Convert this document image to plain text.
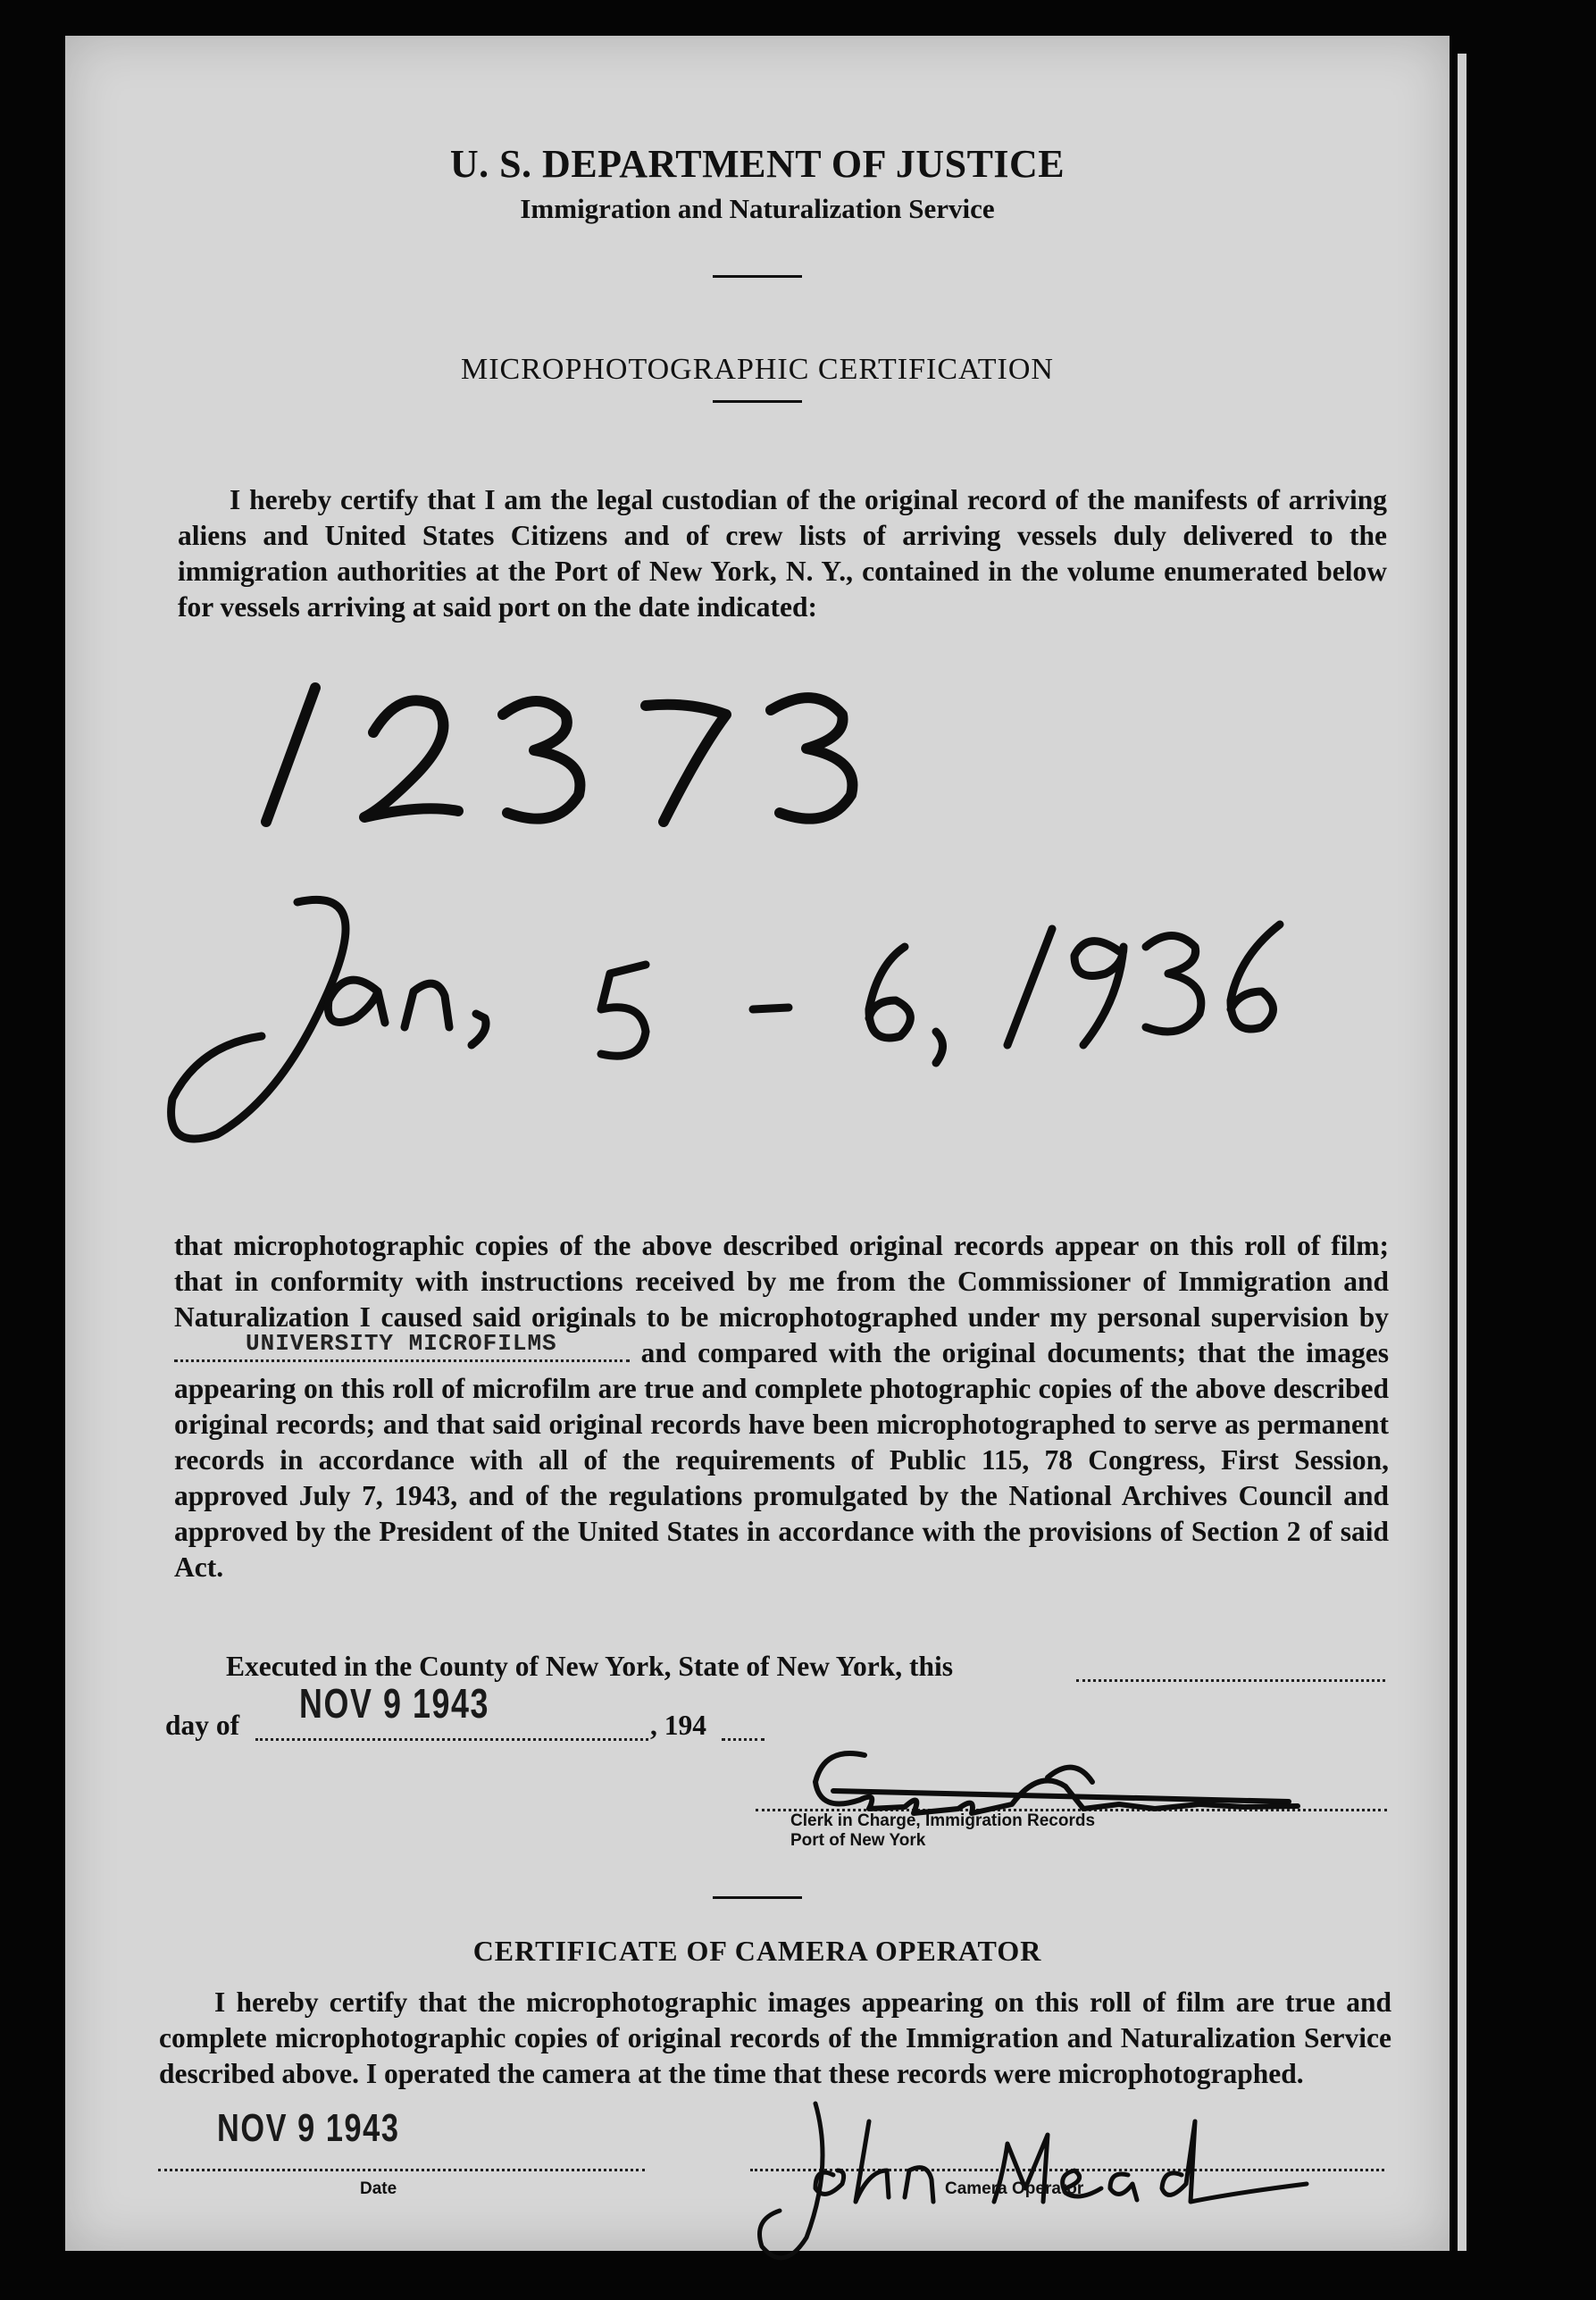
U. S. DEPARTMENT OF JUSTICE
Immigration and Naturalization Service
MICROPHOTOGRAPHIC CERTIFICATION
I hereby certify that I am the legal custodian of the original record of the manifests of arriving aliens and United States Citizens and of crew lists of arriving vessels duly delivered to the immigration authorities at the Port of New York, N. Y., contained in the volume enumerated below for vessels arriving at said port on the date indicated:
that microphotographic copies of the above described original records appear on this roll of film; that in conformity with instructions received by me from the Commissioner of Immigration and Naturalization I caused said originals to be microphotographed under my personal supervision by
UNIVERSITY MICROFILMS	and compared with the original documents; that the images appearing on this roll of microfilm are true and complete photographic copies of the above described original records; and that said original records have been microphotographed to serve as permanent records in accordance with all of the requirements of Public 115, 78 Congress, First Session, approved July 7, 1943, and of the regulations promulgated by the National Archives Council and approved by the President of the United States in accordance with the provisions of Section 2 of said Act.
Executed in the County of New York, State of New York, this
day of NOV 9 1943	, 194
Clerk in Charge, Immigration Records
Port of New York
CERTIFICATE OF CAMERA OPERATOR
I hereby certify that the microphotographic images appearing on this roll of film are true and complete microphotographic copies of original records of the Immigration and Naturalization Service described above. I operated the camera at the time that these records were microphotographed.
NOV 9 1943
Date	Camera Operator
